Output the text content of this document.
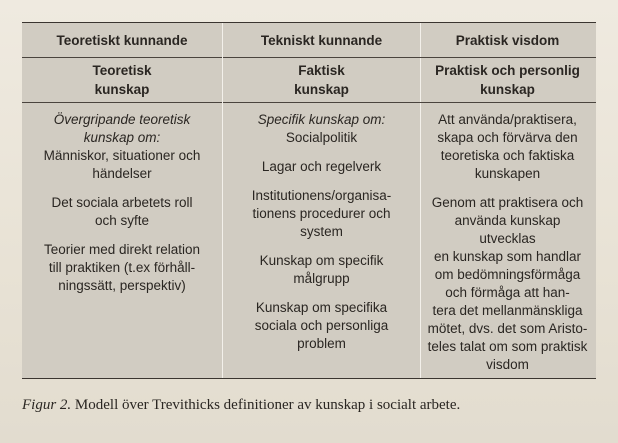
Teoretiskt kunnande
Teoretisk
kunskap
Övergripande teoretisk
kunskap om:
Människor, situationer och
händelser
Det sociala arbetets roll
och syfte
Teorier med direkt relation
till praktiken (t.ex förhåll-
ningssätt, perspektiv)
Tekniskt kunnande
Faktisk
kunskap
Specifik kunskap om:
Socialpolitik
Lagar och regelverk
Institutionens/organisa-
tionens procedurer och
system
Kunskap om specifik
målgrupp
Kunskap om specifika
sociala och personliga
problem
Praktisk visdom
Praktisk och personlig
kunskap
Att använda/praktisera,
skapa och förvärva den
teoretiska och faktiska
kunskapen
Genom att praktisera och
använda kunskap utvecklas
en kunskap som handlar
om bedömningsförmåga
och förmåga att han-
tera det mellanmänskliga
mötet, dvs. det som Aristo-
teles talat om som praktisk
visdom
Figur 2. Modell över Trevithicks definitioner av kunskap i socialt arbete.
